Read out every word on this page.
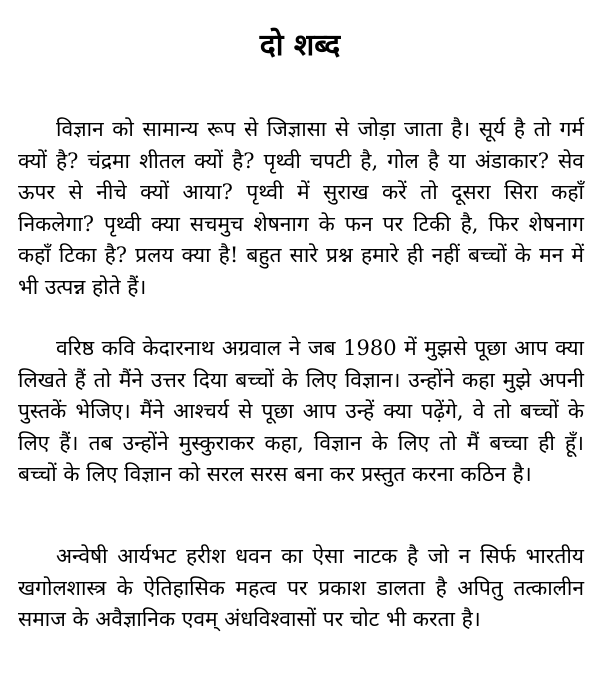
दो शब्द

विज्ञान को सामान्य रूप से जिज्ञासा से जोड़ा जाता है। सूर्य है तो गर्म क्यों है? चंद्रमा शीतल क्यों है? पृथ्वी चपटी है, गोल है या अंडाकार? सेव ऊपर से नीचे क्यों आया? पृथ्वी में सुराख करें तो दूसरा सिरा कहाँ निकलेगा? पृथ्वी क्या सचमुच शेषनाग के फन पर टिकी है, फिर शेषनाग कहाँ टिका है? प्रलय क्या है! बहुत सारे प्रश्न हमारे ही नहीं बच्चों के मन में भी उत्पन्न होते हैं।

वरिष्ठ कवि केदारनाथ अग्रवाल ने जब 1980 में मुझसे पूछा आप क्या लिखते हैं तो मैंने उत्तर दिया बच्चों के लिए विज्ञान। उन्होंने कहा मुझे अपनी पुस्तकें भेजिए। मैंने आश्चर्य से पूछा आप उन्हें क्या पढ़ेंगे, वे तो बच्चों के लिए हैं। तब उन्होंने मुस्कुराकर कहा, विज्ञान के लिए तो मैं बच्चा ही हूँ। बच्चों के लिए विज्ञान को सरल सरस बना कर प्रस्तुत करना कठिन है।

अन्वेषी आर्यभट हरीश धवन का ऐसा नाटक है जो न सिर्फ भारतीय खगोलशास्त्र के ऐतिहासिक महत्व पर प्रकाश डालता है अपितु तत्कालीन समाज के अवैज्ञानिक एवम् अंधविश्वासों पर चोट भी करता है।
